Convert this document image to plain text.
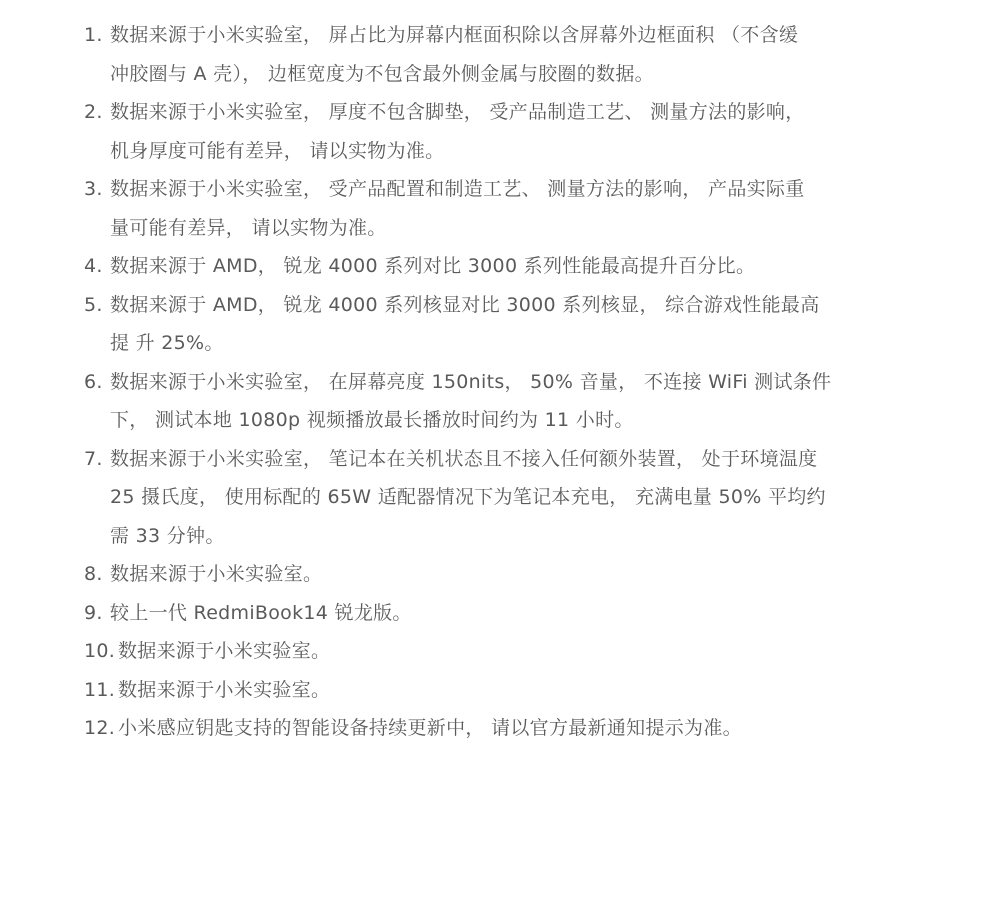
1. 数据来源于小米实验室， 屏占比为屏幕内框面积除以含屏幕外边框面积 （不含缓
冲胶圈与 A 壳）， 边框宽度为不包含最外侧金属与胶圈的数据。
2. 数据来源于小米实验室， 厚度不包含脚垫， 受产品制造工艺、 测量方法的影响，
机身厚度可能有差异， 请以实物为准。
3. 数据来源于小米实验室， 受产品配置和制造工艺、 测量方法的影响， 产品实际重
量可能有差异， 请以实物为准。
4. 数据来源于 AMD， 锐龙 4000 系列对比 3000 系列性能最高提升百分比。
5. 数据来源于 AMD， 锐龙 4000 系列核显对比 3000 系列核显， 综合游戏性能最高
提 升 25%。
6. 数据来源于小米实验室， 在屏幕亮度 150nits， 50% 音量， 不连接 WiFi 测试条件
下， 测试本地 1080p 视频播放最长播放时间约为 11 小时。
7. 数据来源于小米实验室， 笔记本在关机状态且不接入任何额外装置， 处于环境温度
25 摄氏度， 使用标配的 65W 适配器情况下为笔记本充电， 充满电量 50% 平均约
需 33 分钟。
8. 数据来源于小米实验室。
9. 较上一代 RedmiBook14 锐龙版。
10. 数据来源于小米实验室。
11. 数据来源于小米实验室。
12. 小米感应钥匙支持的智能设备持续更新中， 请以官方最新通知提示为准。
